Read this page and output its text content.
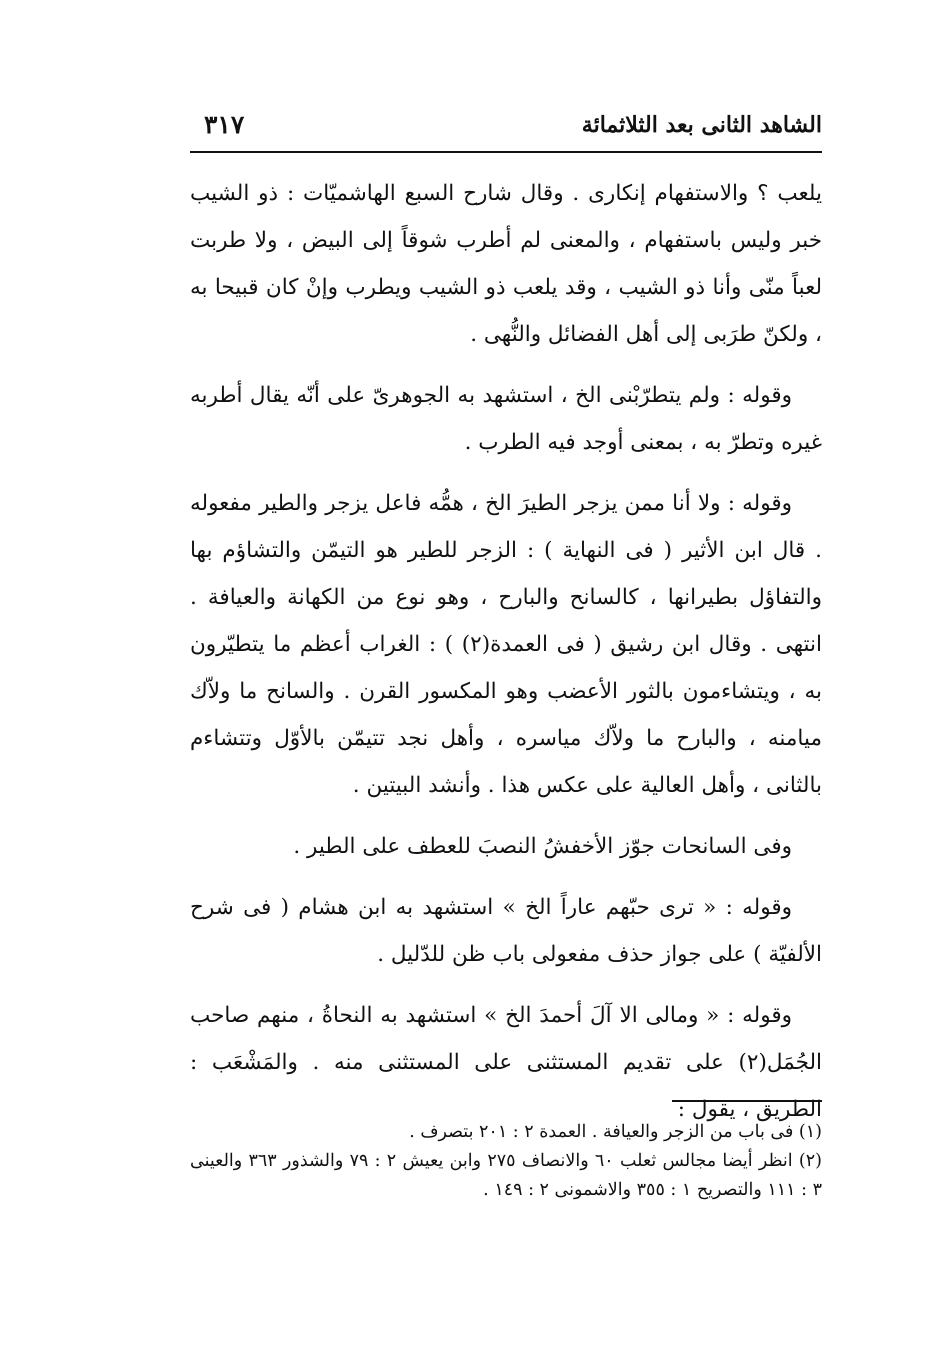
الشاهد الثانى بعد الثلاثمائة
٣١٧

يلعب ؟ والاستفهام إنكارى . وقال شارح السبع الهاشميّات : ذو الشيب خبر وليس باستفهام ، والمعنى لم أطرب شوقاً إلى البيض ، ولا طربت لعباً منّى وأنا ذو الشيب ، وقد يلعب ذو الشيب ويطرب وإنْ كان قبيحا به ، ولكنّ طرَبى إلى أهل الفضائل والنُّهى .

وقوله : ولم يتطرّبْنى الخ ، استشهد به الجوهرىّ على أنّه يقال أطربه غيره وتطرّ به ، بمعنى أوجد فيه الطرب .

وقوله : ولا أنا ممن يزجر الطيرَ الخ ، همُّه فاعل يزجر والطير مفعوله . قال ابن الأثير ( فى النهاية ) : الزجر للطير هو التيمّن والتشاؤم بها والتفاؤل بطيرانها ، كالسانح والبارح ، وهو نوع من الكهانة والعيافة . انتهى . وقال ابن رشيق ( فى العمدة(٢) ) : الغراب أعظم ما يتطيّرون به ، ويتشاءمون بالثور الأعضب وهو المكسور القرن . والسانح ما ولاّك ميامنه ، والبارح ما ولاّك مياسره ، وأهل نجد تتيمّن بالأوّل وتتشاءم بالثانى ، وأهل العالية على عكس هذا . وأنشد البيتين .

وفى السانحات جوّز الأخفشُ النصبَ للعطف على الطير .

وقوله : « ترى حبّهم عاراً الخ » استشهد به ابن هشام ( فى شرح الألفيّة ) على جواز حذف مفعولى باب ظن للدّليل .

وقوله : « ومالى الا آلَ أحمدَ الخ » استشهد به النحاةُ ، منهم صاحب الجُمَل(٢) على تقديم المستثنى على المستثنى منه . والمَشْعَب : الطريق ، يقول :

(١) فى باب من الزجر والعيافة . العمدة ٢ : ٢٠١ بتصرف .

(٢) انظر أيضا مجالس ثعلب ٦٠ والانصاف ٢٧٥ وابن يعيش ٢ : ٧٩ والشذور ٣٦٣ والعينى ٣ : ١١١ والتصريح ١ : ٣٥٥ والاشمونى ٢ : ١٤٩ .
